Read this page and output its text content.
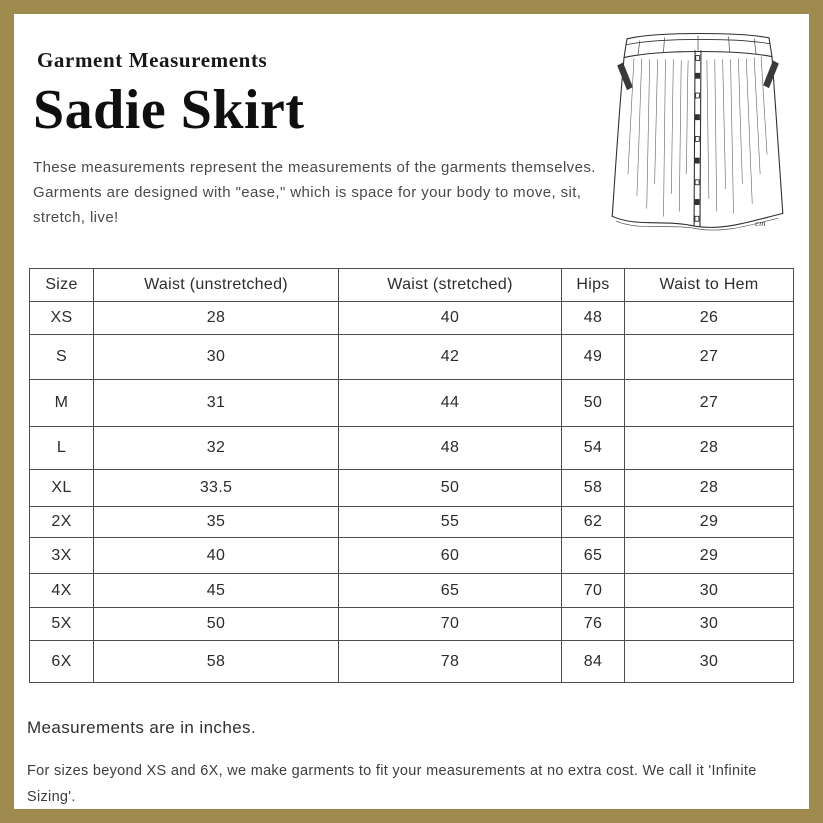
Garment Measurements
Sadie Skirt

These measurements represent the measurements of the garments themselves. Garments are designed with "ease," which is space for your body to move, sit, stretch, live!	cm
Size	Waist (unstretched)	Waist (stretched)	Hips	Waist to Hem
XS	28	40	48	26
S	30	42	49	27
M	31	44	50	27
L	32	48	54	28
XL	33.5	50	58	28
2X	35	55	62	29
3X	40	60	65	29
4X	45	65	70	30
5X	50	70	76	30
6X	58	78	84	30
Measurements are in inches.
For sizes beyond XS and 6X, we make garments to fit your measurements at no extra cost. We call it 'Infinite Sizing'.
